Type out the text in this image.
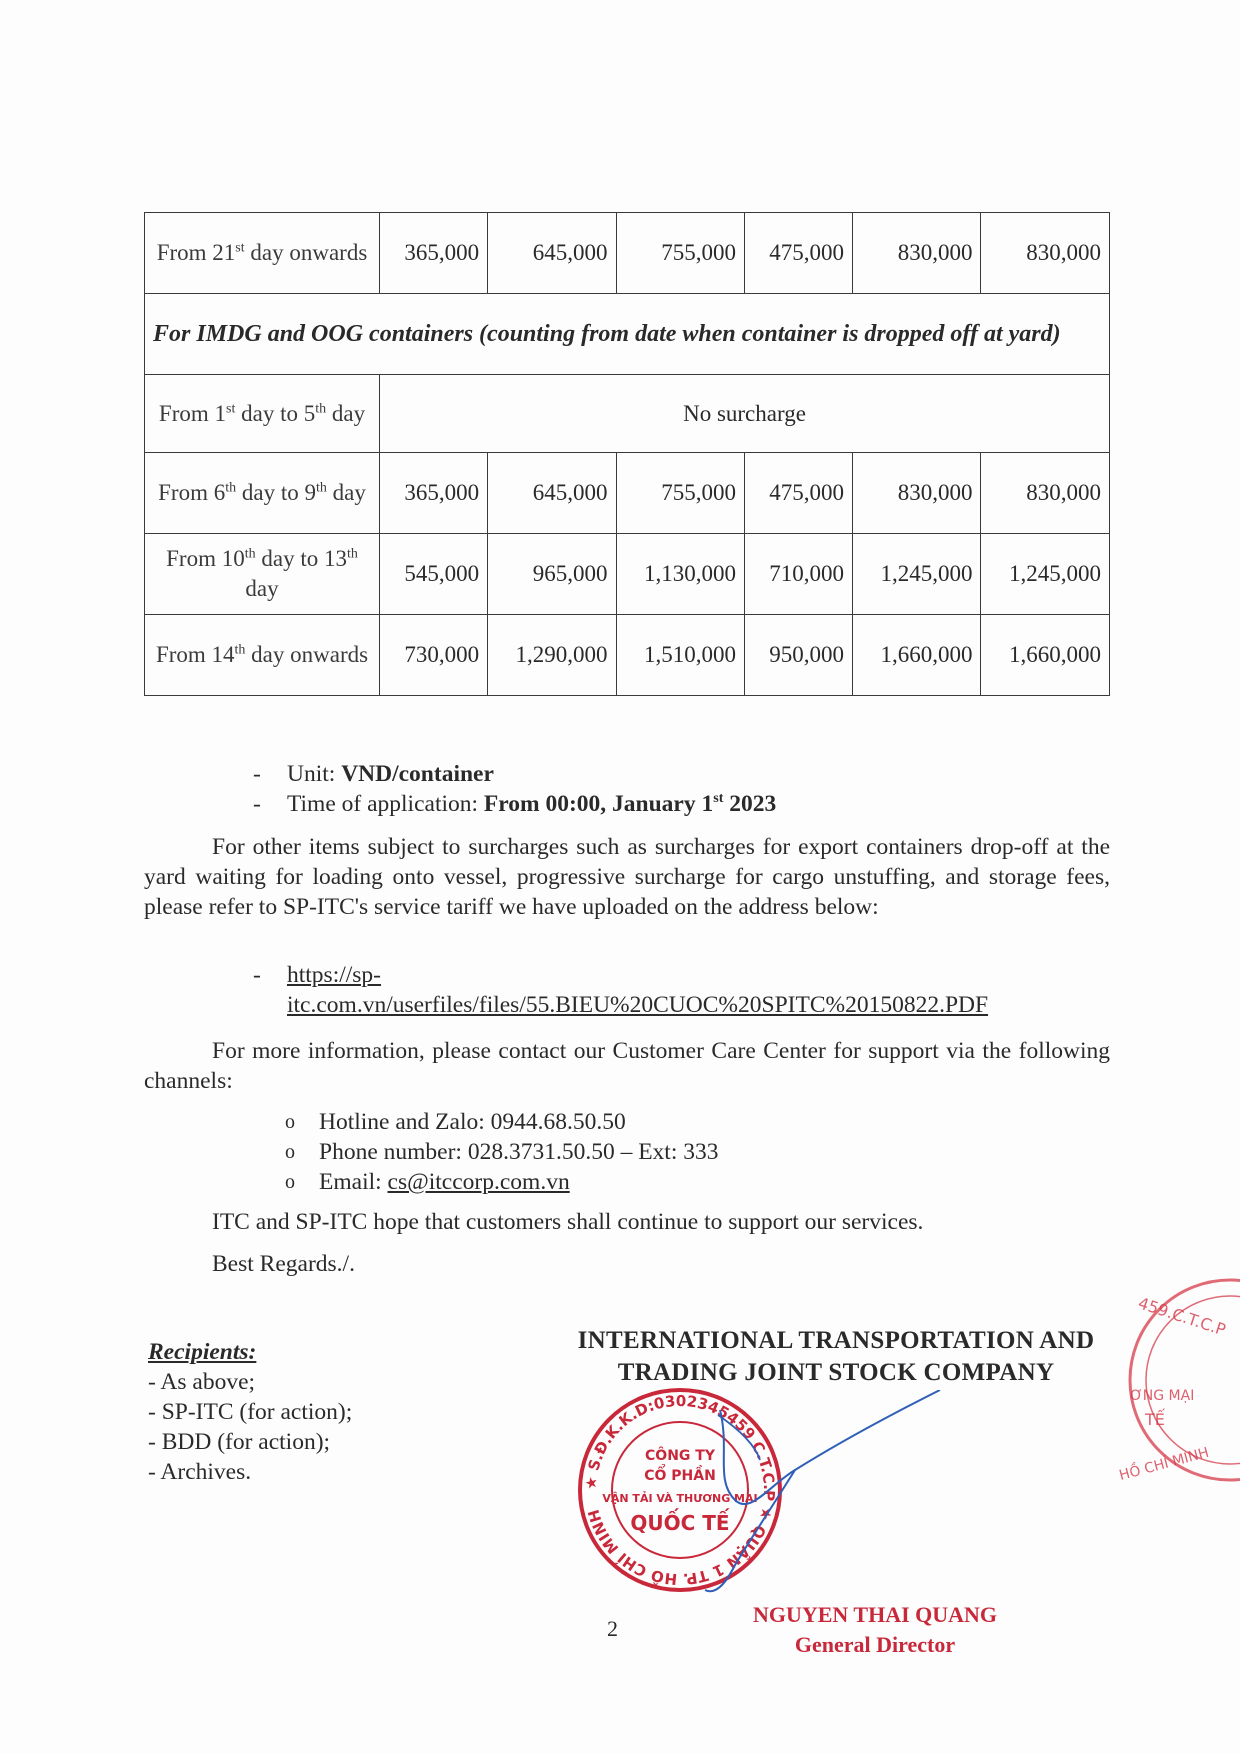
From 21st day onwards	365,000	645,000	755,000	475,000	830,000	830,000
For IMDG and OOG containers (counting from date when container is dropped off at yard)						
From 1st day to 5th day	No surcharge					
From 6th day to 9th day	365,000	645,000	755,000	475,000	830,000	830,000
From 10th day to 13th day	545,000	965,000	1,130,000	710,000	1,245,000	1,245,000
From 14th day onwards	730,000	1,290,000	1,510,000	950,000	1,660,000	1,660,000
- Unit: VND/container
- Time of application: From 00:00, January 1st 2023
For other items subject to surcharges such as surcharges for export containers drop-off at the yard waiting for loading onto vessel, progressive surcharge for cargo unstuffing, and storage fees, please refer to SP-ITC's service tariff we have uploaded on the address below:
- https://sp-
itc.com.vn/userfiles/files/55.BIEU%20CUOC%20SPITC%20150822.PDF
For more information, please contact our Customer Care Center for support via the following channels:
o Hotline and Zalo: 0944.68.50.50
o Phone number: 028.3731.50.50 – Ext: 333
o Email: cs@itccorp.com.vn
ITC and SP-ITC hope that customers shall continue to support our services.
Best Regards./.
Recipients:
- As above;
- SP-ITC (for action);
- BDD (for action);
- Archives.
INTERNATIONAL TRANSPORTATION AND
TRADING JOINT STOCK COMPANY
459.C.T.C.P
ƠNG MẠI
TẾ
HỒ CHÍ MINH
★ S.Đ.K.K.D:0302345459 C.T.C.P ★ QUẬN 1 TP. HỒ CHÍ MINH
CÔNG TY
CỔ PHẦN
VẬN TẢI VÀ THƯƠNG MẠI
QUỐC TẾ
2
NGUYEN THAI QUANG
General Director
